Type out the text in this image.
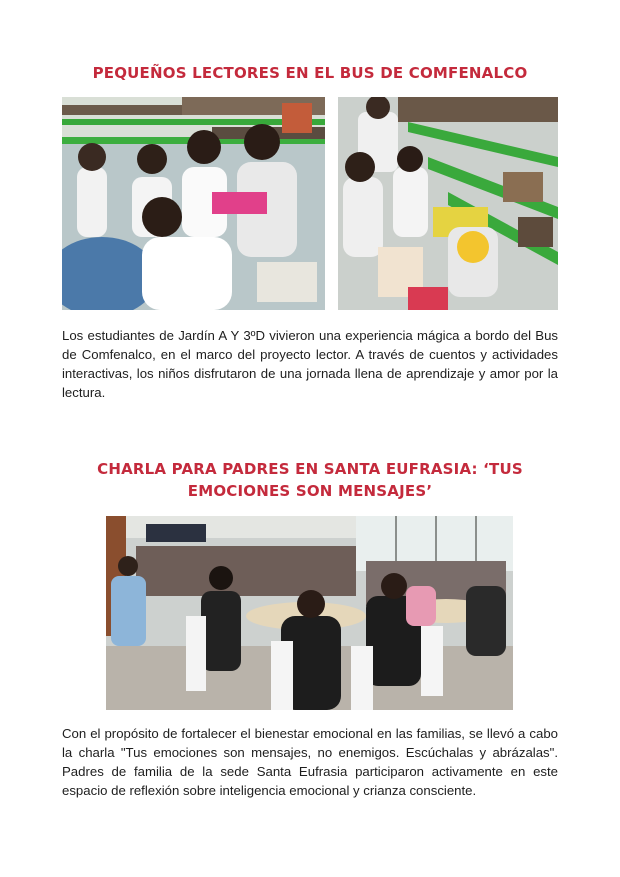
PEQUEÑOS LECTORES EN EL BUS DE COMFENALCO
Los estudiantes de Jardín A Y 3ºD vivieron una experiencia mágica a bordo del Bus de Comfenalco, en el marco del proyecto lector. A través de cuentos y actividades interactivas, los niños disfrutaron de una jornada llena de aprendizaje y amor por la lectura.
CHARLA PARA PADRES EN SANTA EUFRASIA: ‘TUS
EMOCIONES SON MENSAJES’
Con el propósito de fortalecer el bienestar emocional en las familias, se llevó a cabo la charla "Tus emociones son mensajes, no enemigos. Escúchalas y abrázalas". Padres de familia de la sede Santa Eufrasia participaron activamente en este espacio de reflexión sobre inteligencia emocional y crianza consciente.
